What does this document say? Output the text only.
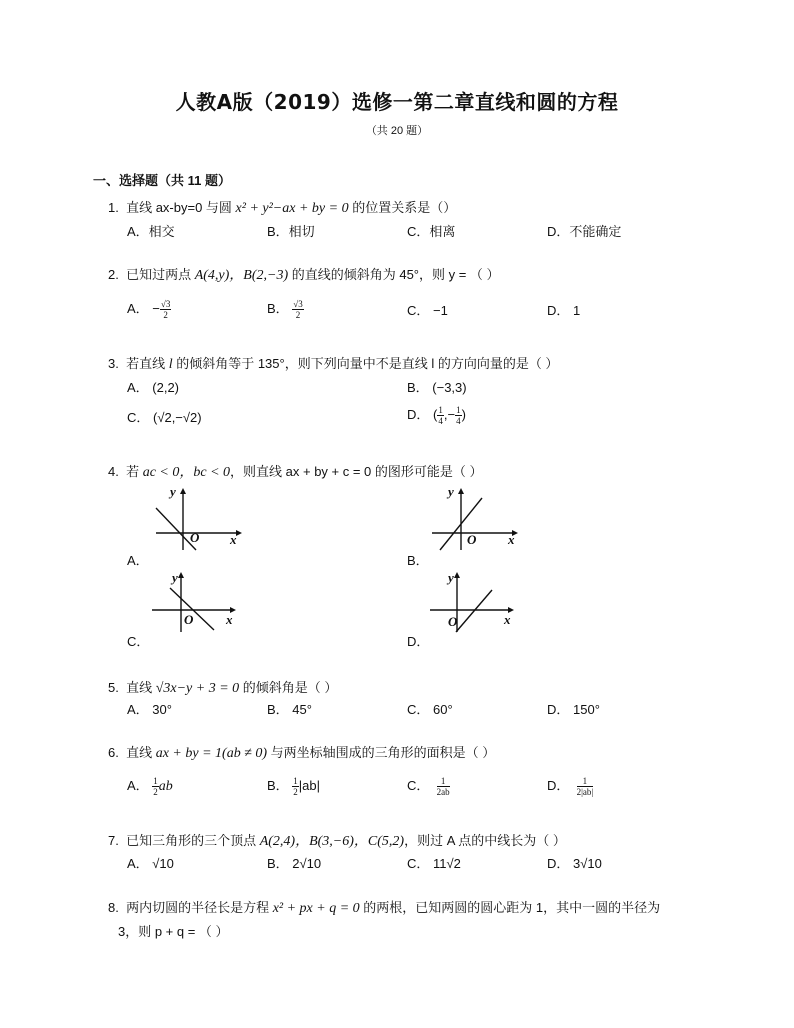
人教A版（2019）选修一第二章直线和圆的方程
（共 20 题）
一、选择题（共 11 题）
1. 直线 ax-by=0 与圆 x² + y²−ax + by = 0 的位置关系是（）
A．相交	B．相切	C．相离	D．不能确定
2. 已知过两点 A(4,y)，B(2,−3) 的直线的倾斜角为 45°，则 y = （ ）
A． − $\frac{√3}{2}$	B． $\frac{√3}{2}$	C． −1	D． 1
3. 若直线 l 的倾斜角等于 135°，则下列向量中不是直线 l 的方向向量的是（ ）
A． (2,2)	B． (−3,3)
C． (√2,−√2)	D． ( $\frac{1}{4}$ ,− $\frac{1}{4}$ )
4. 若 ac < 0，bc < 0，则直线 ax + by + c = 0 的图形可能是（ ）
A．	B．
C．	D．
y
O x
y
O x
y
O	x
y
O	x
5. 直线 √3x−y + 3 = 0 的倾斜角是（ ）
A． 30°	B． 45°	C． 60°	D． 150°
6. 直线 ax + by = 1(ab ≠ 0) 与两坐标轴围成的三角形的面积是（ ）
A． $\frac{1}{2}$ ab	B． $\frac{1}{2} |ab|$	C． $\frac{1}{2ab}$	D． $\frac{1}{2|ab|}$
7. 已知三角形的三个顶点 A(2,4)，B(3,−6)，C(5,2)，则过 A 点的中线长为（ ）
A． √10	B． 2√10	C． 11√2	D． 3√10
8. 两内切圆的半径长是方程 x² + px + q = 0 的两根，已知两圆的圆心距为 1，其中一圆的半径为
3，则 p + q = （ ）
